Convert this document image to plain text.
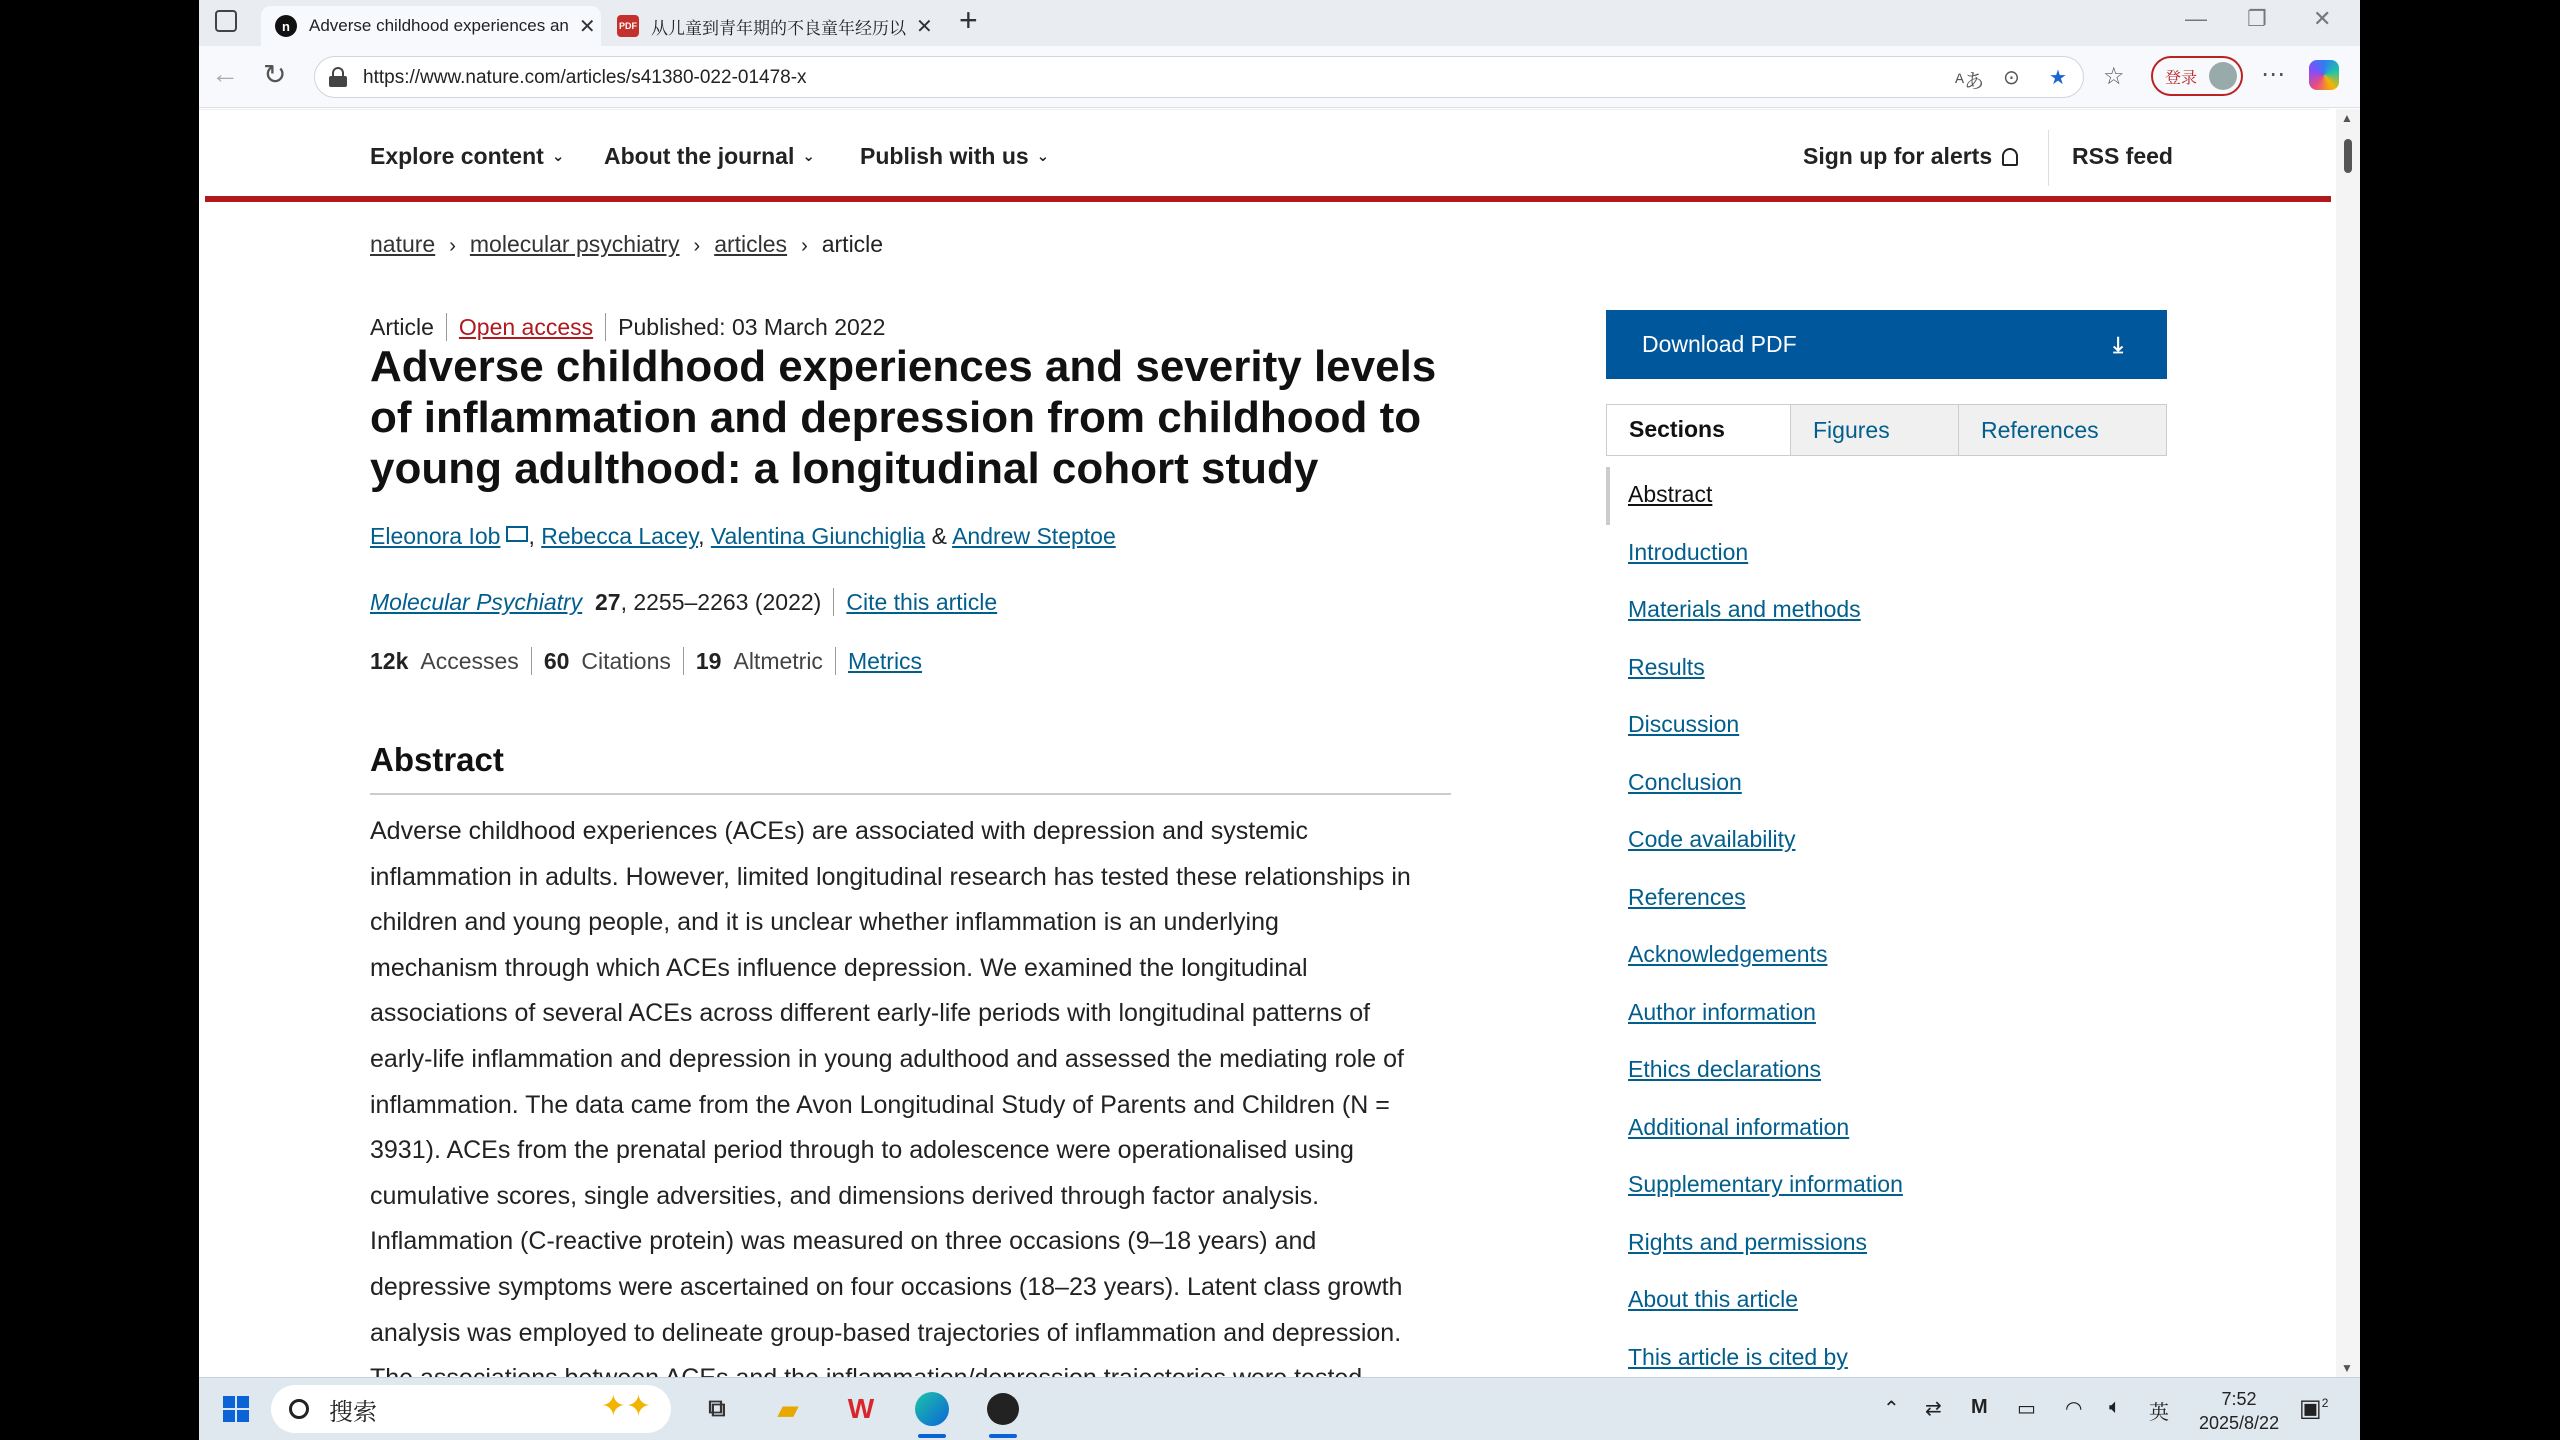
n	Adverse childhood experiences an ✕	PDF 从儿童到青年期的不良童年经历以 ✕ +	— ❐ ✕
← ↻	https://www.nature.com/articles/s41380-022-01478-x	ᴬあ ⊙ ★ ☆	登录	⋯
Explore content ⌄ About the journal ⌄ Publish with us ⌄	Sign up for alerts	RSS feed
nature › molecular psychiatry › articles › article
Article Open access Published: 03 March 2022
Adverse childhood experiences and severity levels of inflammation and depression from childhood to young adulthood: a longitudinal cohort study
Eleonora Iob , Rebecca Lacey, Valentina Giunchiglia & Andrew Steptoe
Molecular Psychiatry
27 , 2255–2263 (2022) Cite this article
12k Accesses 60 Citations 19 Altmetric Metrics
Abstract
Adverse childhood experiences (ACEs) are associated with depression and systemic
inflammation in adults. However, limited longitudinal research has tested these relationships in
children and young people, and it is unclear whether inflammation is an underlying
mechanism through which ACEs influence depression. We examined the longitudinal
associations of several ACEs across different early-life periods with longitudinal patterns of
early-life inflammation and depression in young adulthood and assessed the mediating role of
inflammation. The data came from the Avon Longitudinal Study of Parents and Children (N =
3931). ACEs from the prenatal period through to adolescence were operationalised using
cumulative scores, single adversities, and dimensions derived through factor analysis.
Inflammation (C-reactive protein) was measured on three occasions (9–18 years) and
depressive symptoms were ascertained on four occasions (18–23 years). Latent class growth
analysis was employed to delineate group-based trajectories of inflammation and depression.
Download PDF	⤓
Sections	Figures	References
Abstract
Introduction
Materials and methods
Results
Discussion
Conclusion
Code availability
References
Acknowledgements
Author information
Ethics declarations
Additional information
Supplementary information
Rights and permissions
About this article
This article is cited by
▲
▼
搜索	✦✦	⧉	▰	W	⌃ ⇄ M ▭ ◠ 🔈︎ 英
7:52
2025/8/22
▣$^2$
